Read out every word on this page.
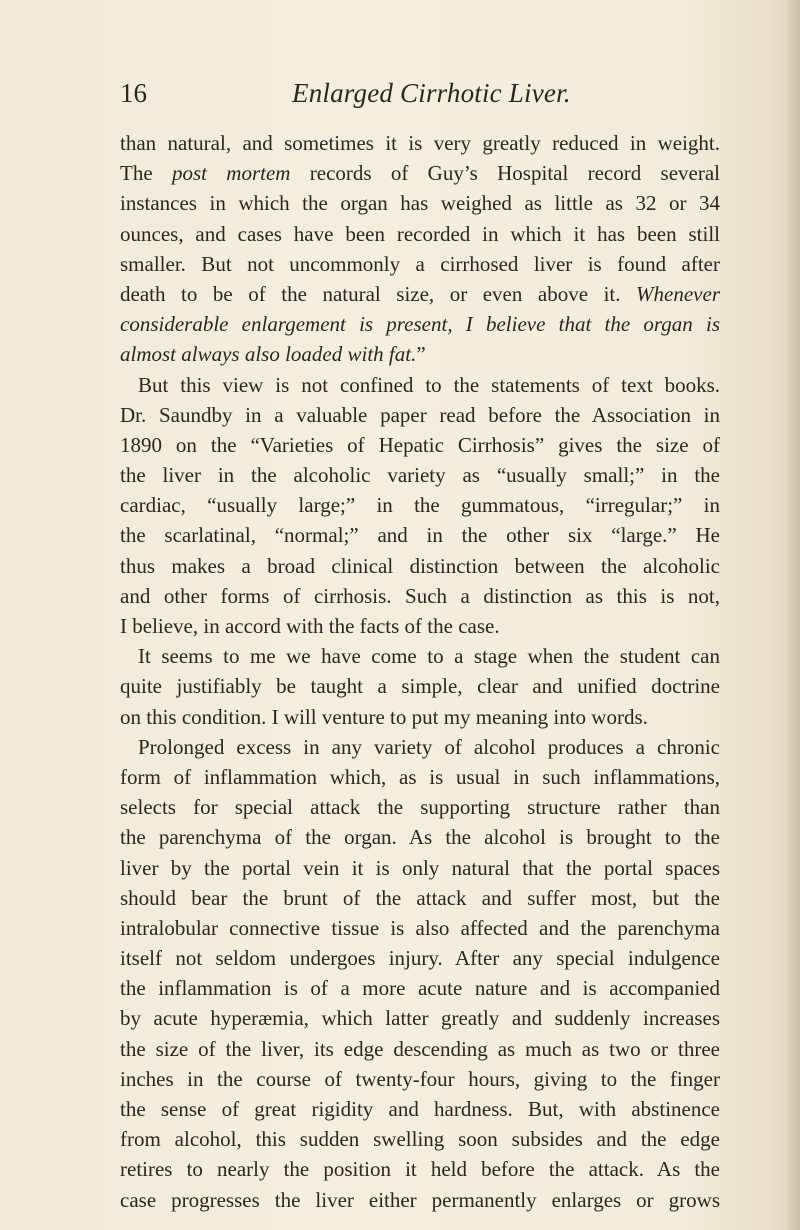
16	Enlarged Cirrhotic Liver.
than natural, and sometimes it is very greatly reduced in weight.
The post mortem records of Guy’s Hospital record several
instances in which the organ has weighed as little as 32 or 34
ounces, and cases have been recorded in which it has been still
smaller. But not uncommonly a cirrhosed liver is found after
death to be of the natural size, or even above it. Whenever
considerable enlargement is present, I believe that the organ is
almost always also loaded with fat.”
But this view is not confined to the statements of text books.
Dr. Saundby in a valuable paper read before the Association in
1890 on the “Varieties of Hepatic Cirrhosis” gives the size of
the liver in the alcoholic variety as “usually small;” in the
cardiac, “usually large;” in the gummatous, “irregular;” in
the scarlatinal, “normal;” and in the other six “large.” He
thus makes a broad clinical distinction between the alcoholic
and other forms of cirrhosis. Such a distinction as this is not,
I believe, in accord with the facts of the case.
It seems to me we have come to a stage when the student can
quite justifiably be taught a simple, clear and unified doctrine
on this condition. I will venture to put my meaning into words.
Prolonged excess in any variety of alcohol produces a chronic
form of inflammation which, as is usual in such inflammations,
selects for special attack the supporting structure rather than
the parenchyma of the organ. As the alcohol is brought to the
liver by the portal vein it is only natural that the portal spaces
should bear the brunt of the attack and suffer most, but the
intralobular connective tissue is also affected and the parenchyma
itself not seldom undergoes injury. After any special indulgence
the inflammation is of a more acute nature and is accompanied
by acute hyperæmia, which latter greatly and suddenly increases
the size of the liver, its edge descending as much as two or three
inches in the course of twenty-four hours, giving to the finger
the sense of great rigidity and hardness. But, with abstinence
from alcohol, this sudden swelling soon subsides and the edge
retires to nearly the position it held before the attack. As the
case progresses the liver either permanently enlarges or grows
